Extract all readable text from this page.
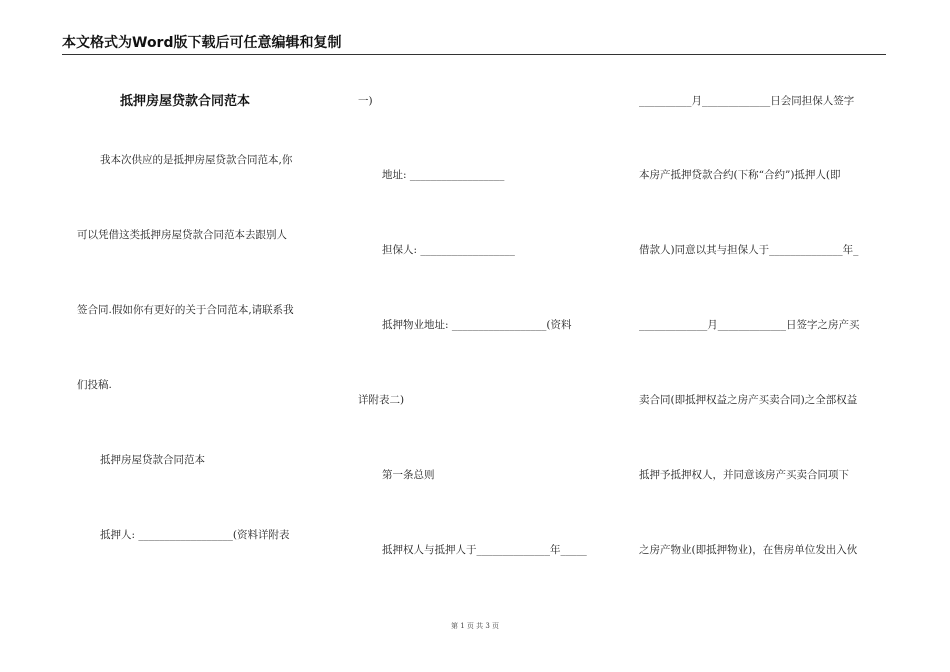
本文格式为Word版下载后可任意编辑和复制
抵押房屋贷款合同范本
我本次供应的是抵押房屋贷款合同范本,你
可以凭借这类抵押房屋贷款合同范本去跟别人
签合同.假如你有更好的关于合同范本,请联系我
们投稿.
抵押房屋贷款合同范本
抵押人: __________________(资料详附表
一)
地址: __________________
担保人: __________________
抵押物业地址: __________________(资料
详附表二)
第一条总则
抵押权人与抵押人于______________年_____
__________月_____________日会同担保人签字
本房产抵押贷款合约(下称“合约”)抵押人(即
借款人)同意以其与担保人于______________年_
_____________月_____________日签字之房产买
卖合同(即抵押权益之房产买卖合同)之全部权益
抵押予抵押权人，并同意该房产买卖合同项下
之房产物业(即抵押物业)，在售房单位发出入伙
第 1 页 共 3 页
